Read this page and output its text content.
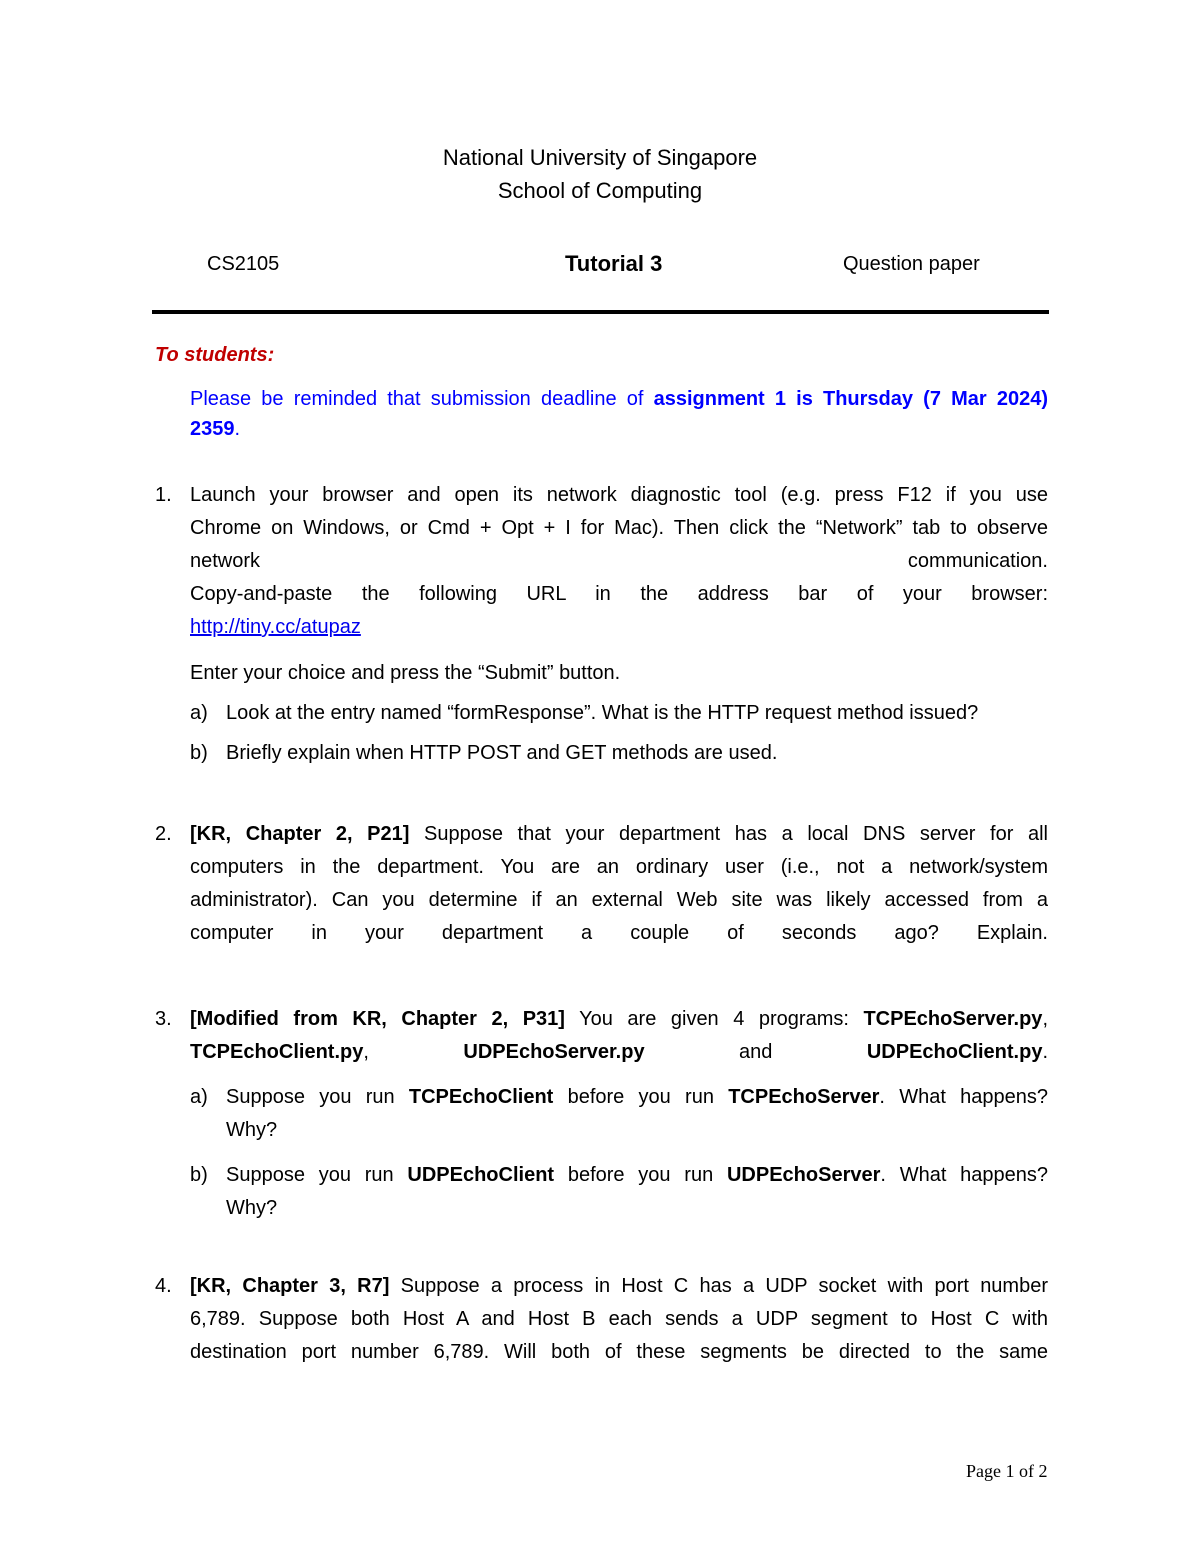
National University of Singapore
School of Computing
CS2105	Tutorial 3	Question paper
To students:
Please be reminded that submission deadline of assignment 1 is Thursday (7 Mar 2024)
2359.
1. Launch your browser and open its network diagnostic tool (e.g. press F12 if you use
Chrome on Windows, or Cmd + Opt + I for Mac). Then click the “Network” tab to observe
network communication.
Copy-and-paste the following URL in the address bar of your browser:
http://tiny.cc/atupaz
Enter your choice and press the “Submit” button.
a) Look at the entry named “formResponse”. What is the HTTP request method issued?
b) Briefly explain when HTTP POST and GET methods are used.
2. [KR, Chapter 2, P21] Suppose that your department has a local DNS server for all
computers in the department. You are an ordinary user (i.e., not a network/system
administrator). Can you determine if an external Web site was likely accessed from a
computer in your department a couple of seconds ago? Explain.
3. [Modified from KR, Chapter 2, P31] You are given 4 programs: TCPEchoServer.py,
TCPEchoClient.py, UDPEchoServer.py and UDPEchoClient.py.
a) Suppose you run TCPEchoClient before you run TCPEchoServer. What happens?
Why?
b) Suppose you run UDPEchoClient before you run UDPEchoServer. What happens?
Why?
4. [KR, Chapter 3, R7] Suppose a process in Host C has a UDP socket with port number
6,789. Suppose both Host A and Host B each sends a UDP segment to Host C with
destination port number 6,789. Will both of these segments be directed to the same
Page 1 of 2
